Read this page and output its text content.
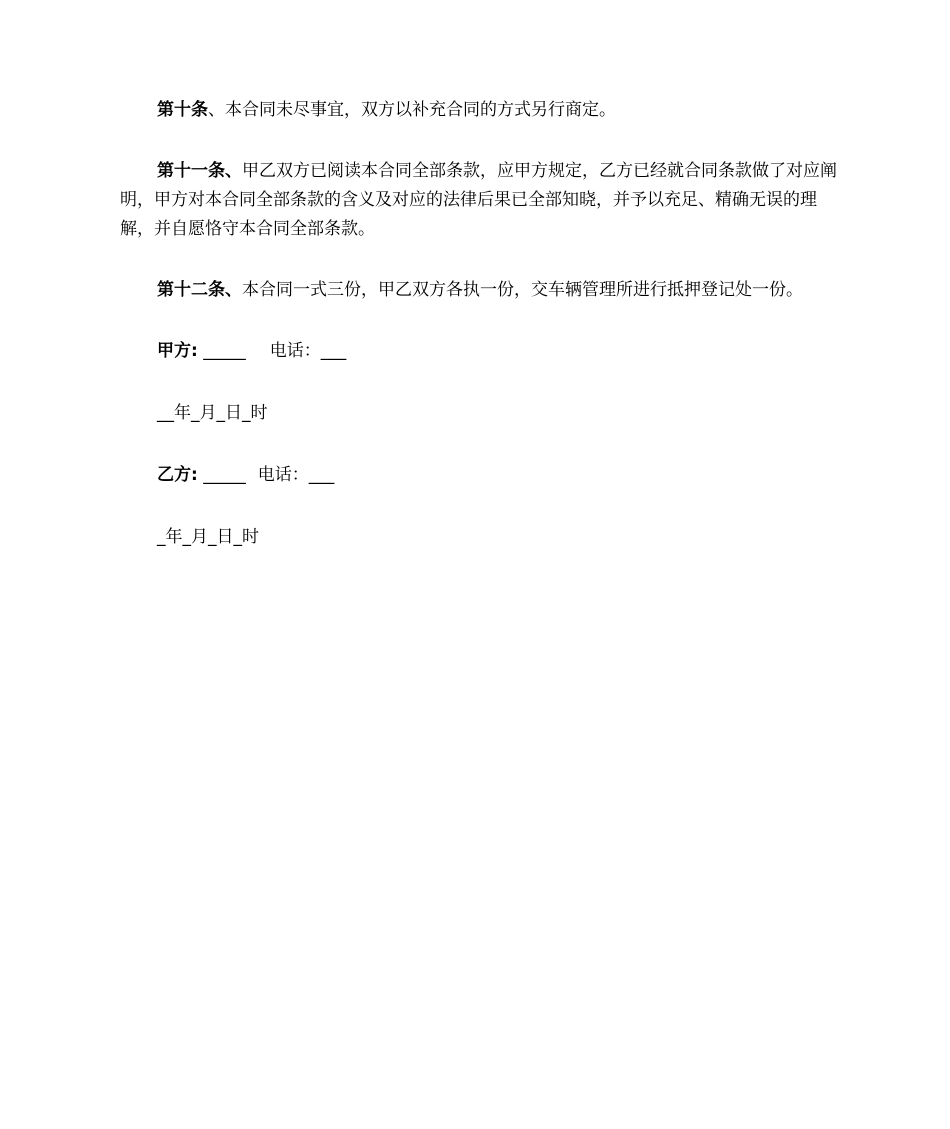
第十条、本合同未尽事宜，双方以补充合同的方式另行商定。

第十一条、甲乙双方已阅读本合同全部条款，应甲方规定，乙方已经就合同条款做了对应阐明，甲方对本合同全部条款的含义及对应的法律后果已全部知晓，并予以充足、精确无误的理解，并自愿恪守本合同全部条款。

第十二条、本合同一式三份，甲乙双方各执一份，交车辆管理所进行抵押登记处一份。

甲方: _____ 电话：___

__年_月_日_时

乙方: _____ 电话：___

_年_月_日_时
